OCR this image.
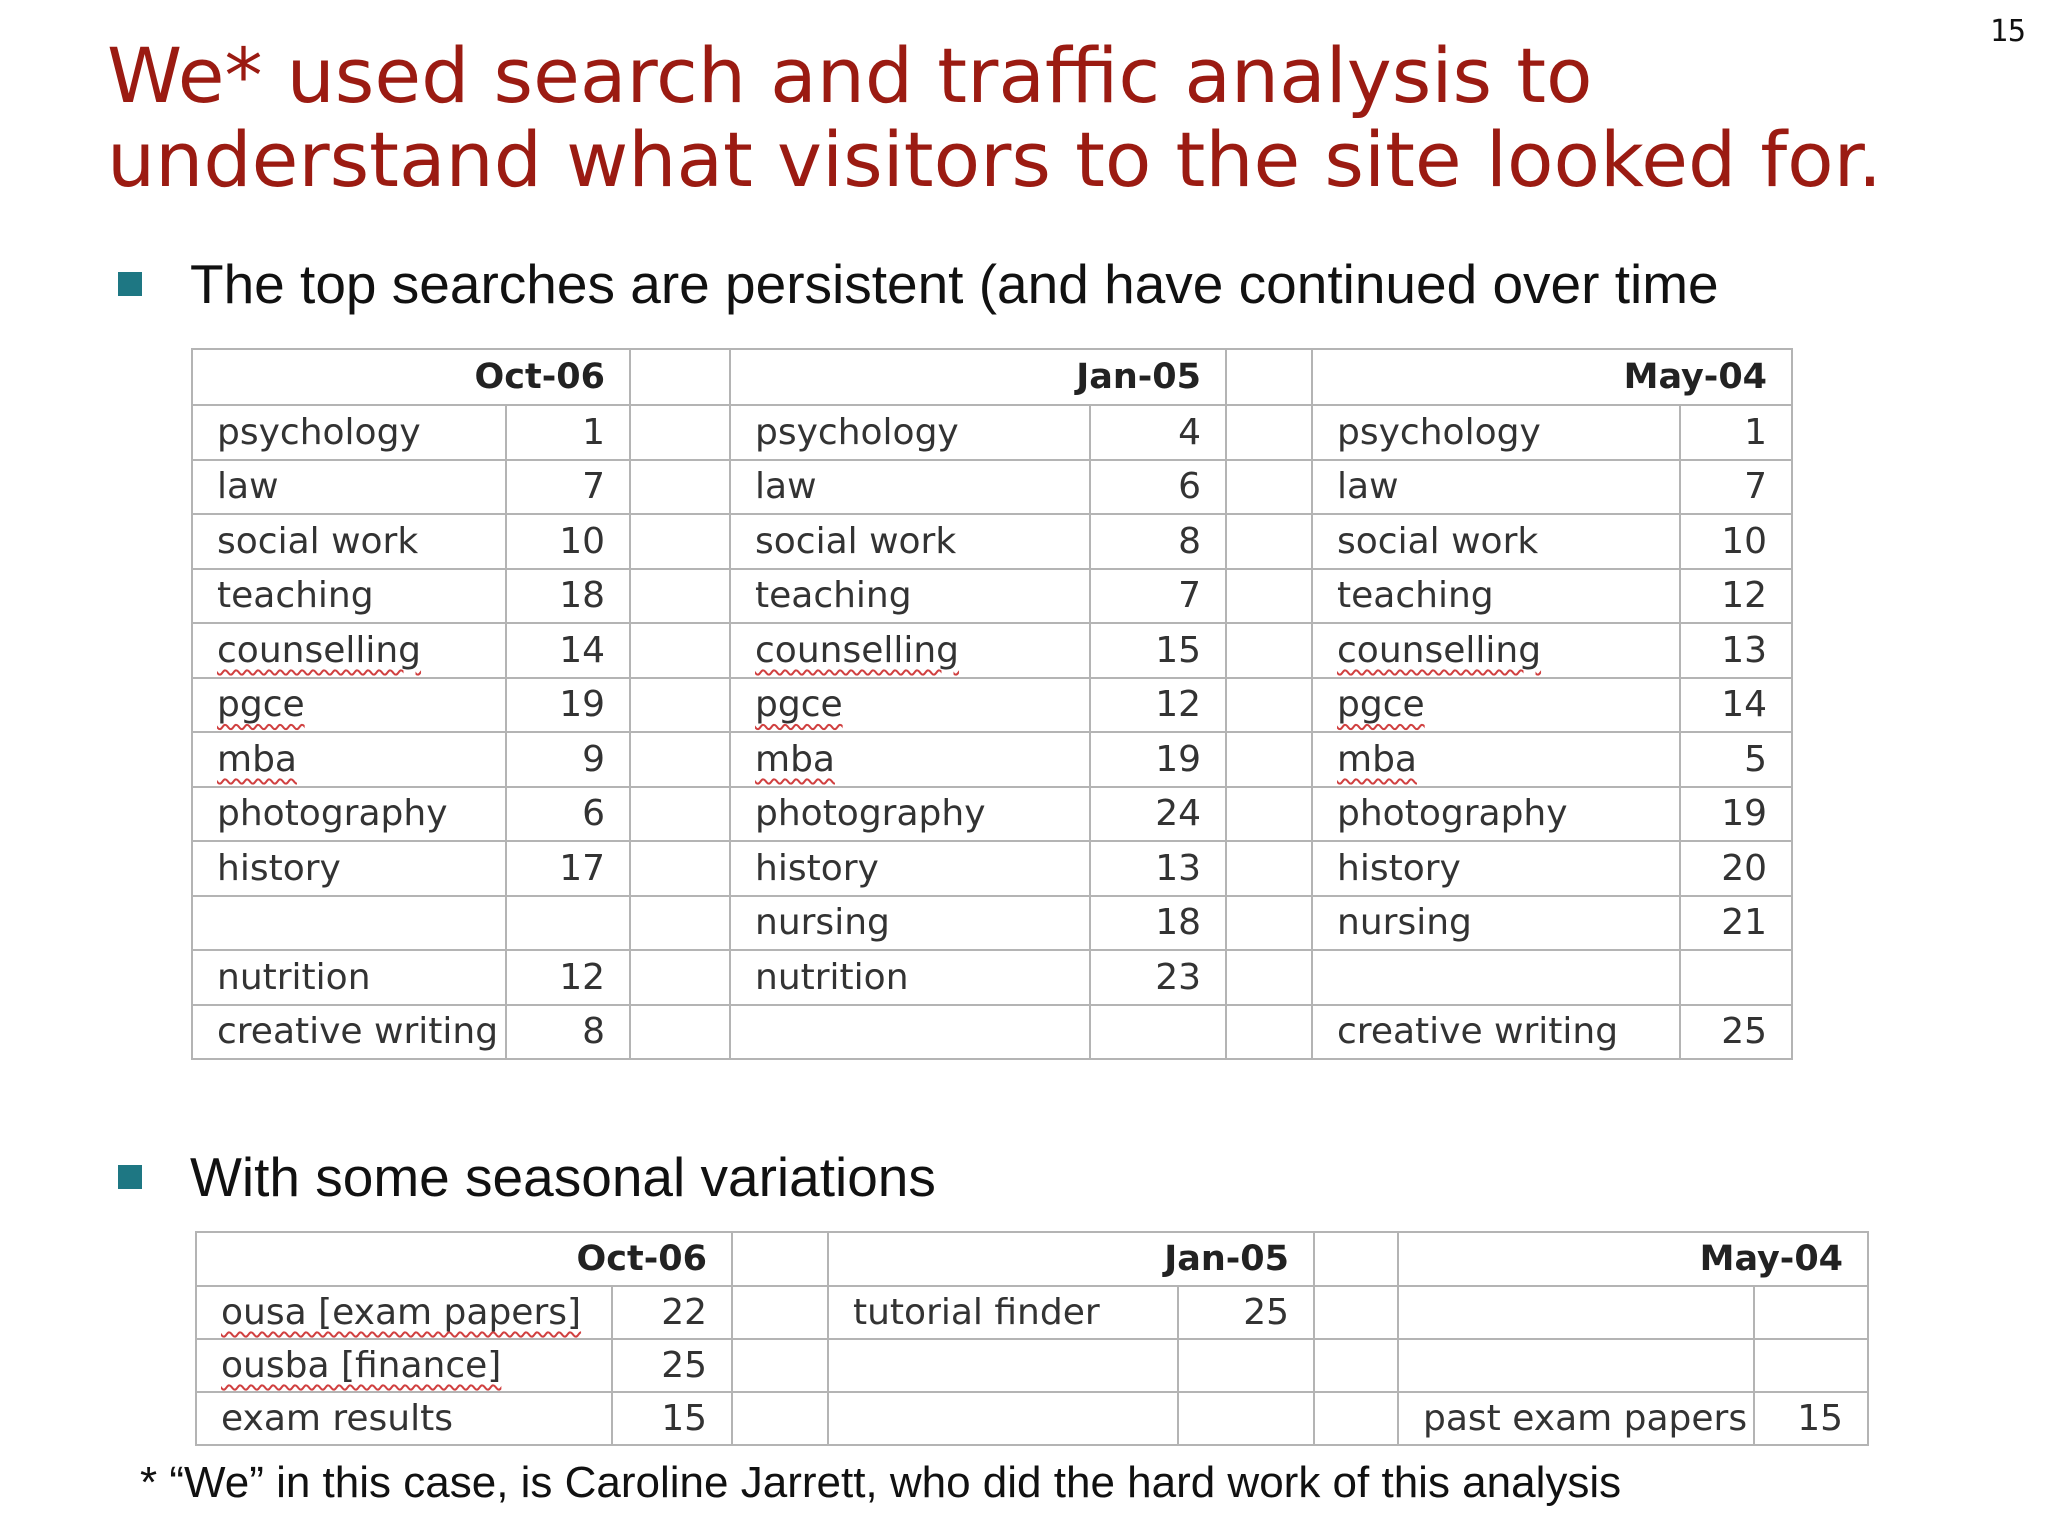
15
We* used search and traffic analysis to understand what visitors to the site looked for.
The top searches are persistent (and have continued over time
Oct-06			Jan-05			May-04	
psychology	1		psychology	4		psychology	1
law	7		law	6		law	7
social work	10		social work	8		social work	10
teaching	18		teaching	7		teaching	12
counselling	14		counselling	15		counselling	13
pgce	19		pgce	12		pgce	14
mba	9		mba	19		mba	5
photography	6		photography	24		photography	19
history	17		history	13		history	20
			nursing	18		nursing	21
nutrition	12		nutrition	23			
creative writing	8					creative writing	25
With some seasonal variations
Oct-06			Jan-05			May-04	
ousa [exam papers]	22		tutorial finder	25			
ousba [finance]	25						
exam results	15					past exam papers	15
* “We” in this case, is Caroline Jarrett, who did the hard work of this analysis
